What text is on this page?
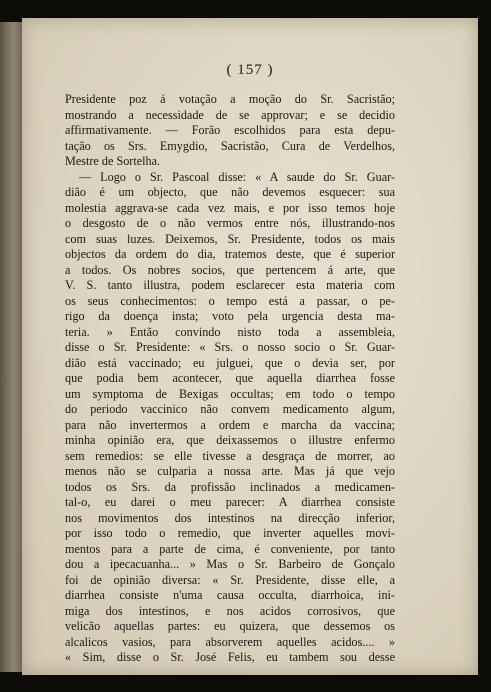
( 157 )
Presidente poz á votação a moção do Sr. Sacristão;
mostrando a necessidade de se approvar; e se decidio
affirmativamente. — Forão escolhidos para esta depu-
tação os Srs. Emygdio, Sacristão, Cura de Verdelhos,
Mestre de Sortelha.
— Logo o Sr. Pascoal disse: « A saude do Sr. Guar-
dião é um objecto, que não devemos esquecer: sua
molestia aggrava-se cada vez mais, e por isso temos hoje
o desgosto de o não vermos entre nós, illustrando-nos
com suas luzes. Deixemos, Sr. Presidente, todos os mais
objectos da ordem do dia, tratemos deste, que é superior
a todos. Os nobres socios, que pertencem á arte, que
V. S. tanto illustra, podem esclarecer esta materia com
os seus conhecimentos: o tempo está a passar, o pe-
rigo da doença insta; voto pela urgencia desta ma-
teria. » Então convindo nisto toda a assembleia,
disse o Sr. Presidente: « Srs. o nosso socio o Sr. Guar-
dião está vaccinado; eu julguei, que o devia ser, por
que podia bem acontecer, que aquella diarrhea fosse
um symptoma de Bexigas occultas; em todo o tempo
do periodo vaccinico não convem medicamento algum,
para não invertermos a ordem e marcha da vaccina;
minha opinião era, que deixassemos o illustre enfermo
sem remedios: se elle tivesse a desgraça de morrer, ao
menos não se culparia a nossa arte. Mas já que vejo
todos os Srs. da profissão inclinados a medicamen-
tal-o, eu darei o meu parecer: A diarrhea consiste
nos movimentos dos intestinos na direcção inferior,
por isso todo o remedio, que inverter aquelles movi-
mentos para a parte de cima, é conveniente, por tanto
dou a ipecacuanha... » Mas o Sr. Barbeiro de Gonçalo
foi de opinião diversa: « Sr. Presidente, disse elle, a
diarrhea consiste n'uma causa occulta, diarrhoica, ini-
miga dos intestinos, e nos acidos corrosivos, que
velicão aquellas partes: eu quizera, que dessemos os
alcalicos vasios, para absorverem aquelles acidos.... »
« Sim, disse o Sr. José Felis, eu tambem sou desse
